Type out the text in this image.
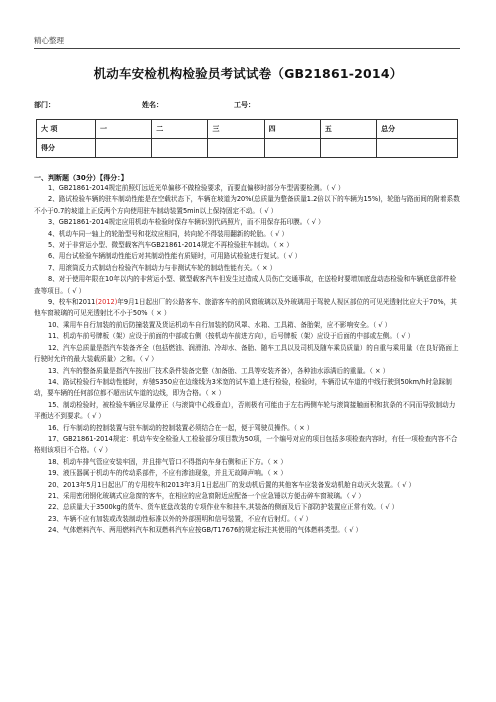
精心整理
机动车安检机构检验员考试试卷（GB21861-2014）
部门：	姓名：	工号：
大 项	一	二	三	四	五	总分
得分						
一、判断题（30分）【得分：】

1、GB21861-2014规定前照灯远近光单偏移不做检验要求，而要直偏移时部分车型需要检测。（ √ ）

2、路试检验车辆的驻车制动性能是在空载状态下，车辆在坡道为20%(总质量为整备质量1.2倍以下的车辆为15%)，轮胎与路面间的附着系数不小于0.7的坡道上正反两个方向使用驻车制动装置5min以上保持固定不动。（ √ ）

3、GB21861-2014规定应用机动车检验时保存车辆识别代码照片，而不用保存拓印膜。（ √ ）

4、机动车同一轴上的轮胎型号和花纹应相同，转向轮不得装用翻新的轮胎。（ √ ）

5、对于非营运小型、微型载客汽车GB21861-2014规定不再检验驻车制动。（ × ）

6、用台试检验车辆制动性能后对其制动性能有质疑时，可用路试检验进行复试。（ √ ）

7、用滚筒反力式制动台检验汽车制动力与非测试车轮的制动性能有关。（ × ）

8、对于使用年限在10年以内的非营运小型、微型载客汽车但发生过造成人员伤亡交通事故，在送检时要增加底盘动态检验和车辆底盘部件检查等项目。（ √ ）

9、校车和2011(2012)年9月1日起出厂的公路客车、旅游客车的前风窗玻璃以及外玻璃用于驾驶人视区部位的可见光透射比应大于70%，其他车窗玻璃的可见光透射比不小于50%（ × ）

10、乘用车自行加装的前后防撞装置及货运机动车自行加装的防风罩、水箱、工具箱、备胎架，应不影响安全。（ √ ）

11、机动车前号牌板（架）应设于前面的中部或右侧（按机动车前进方向），后号牌板（架）应设于后面的中部或左侧。（ √ ）

12、汽车总质量是指汽车装备齐全（包括燃油、润滑油、冷却水、备胎、随车工具以及司机及随车乘员质量）的自重与乘用量（在良好路面上行驶时允许的最大装载质量）之和。（ √ ）

13、汽车的整备质量是指汽车按出厂技术条件装备完整（加备胎、工具等安装齐备），各种油水添满后的重量。（ × ）

14、路试检验行车制动性能时，弃驰S350应在边缘线为3米宽的试车道上进行检验，检验时，车辆沿试车道的中线行驶到50km/h时急踩制动，要车辆的任何部位都不超出试车道的边线，即为合格。（ × ）

15、制动检验时，被检验车辆应尽量停正（与滚筒中心线垂直），否则极有可能由于左右两侧车轮与滚筒接触面积和抗条的不同而导致制动力平衡达不到要求。（ √ ）

16、行车制动的控制装置与驻车制动的控制装置必须结合在一起，便于驾驶员操作。（ × ）

17、GB21861-2014规定：机动车安全检验人工检验部分项目数为50项，一个编号对应的项目包括多项检查内容时，有任一项检查内容不合格则该项目不合格。（ √ ）

18、机动车排气管应安装牢固，并且排气管口不得指向车身右侧和正下方。（ × ）

19、液压器属于机动车的传动系部件，不应有渗油现象，并且无故障声响。（ × ）

20、2013年5月1日起出厂的专用校车和2013年3月1日起出厂的发动机后置的其他客车应装备发动机舱自动灭火装置。（ √ ）

21、采用密闭钢化玻璃式应急窗的客车，在相应的应急窗附近应配备一个应急锤以方便击碎车窗玻璃。（ √ ）

22、总质量大于3500kg的货车、货车底盘改装的专项作业车和挂车,其装备的侧面及后下部防护装置应正常有效。（ √ ）

23、车辆不应有加装或改装制动性标准以外的外部照明和信号装置，不应有后射灯。（ √ ）

24、气体燃料汽车、两用燃料汽车和双燃料汽车应按GB/T17676的规定标注其使用的气体燃料类型。（ √ ）
